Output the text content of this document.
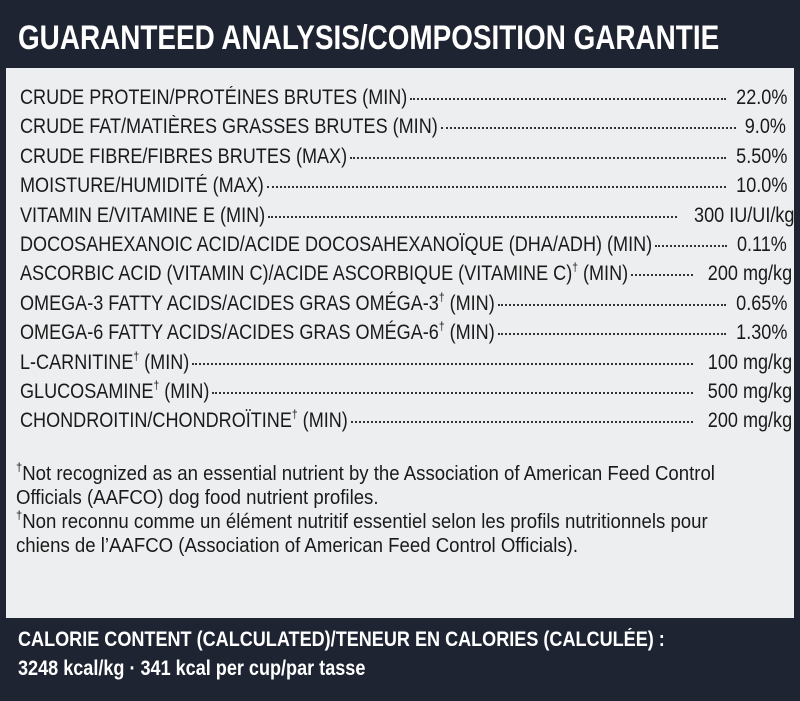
GUARANTEED ANALYSIS/COMPOSITION GARANTIE
CRUDE PROTEIN/PROTÉINES BRUTES (MIN)	22.0%
CRUDE FAT/MATIÈRES GRASSES BRUTES (MIN)	9.0%
CRUDE FIBRE/FIBRES BRUTES (MAX)	5.50%
MOISTURE/HUMIDITÉ (MAX)	10.0%
VITAMIN E/VITAMINE E (MIN)	300 IU/UI/kg
DOCOSAHEXANOIC ACID/ACIDE DOCOSAHEXANOÏQUE (DHA/ADH) (MIN)	0.11%
ASCORBIC ACID (VITAMIN C)/ACIDE ASCORBIQUE (VITAMINE C)† (MIN)	200 mg/kg
OMEGA-3 FATTY ACIDS/ACIDES GRAS OMÉGA-3† (MIN)	0.65%
OMEGA-6 FATTY ACIDS/ACIDES GRAS OMÉGA-6† (MIN)	1.30%
L-CARNITINE† (MIN)	100 mg/kg
GLUCOSAMINE† (MIN)	500 mg/kg
CHONDROITIN/CHONDROÏTINE† (MIN)	200 mg/kg
†Not recognized as an essential nutrient by the Association of American Feed Control Officials (AAFCO) dog food nutrient profiles.
†Non reconnu comme un élément nutritif essentiel selon les profils nutritionnels pour chiens de l’AAFCO (Association of American Feed Control Officials).
CALORIE CONTENT (CALCULATED)/TENEUR EN CALORIES (CALCULÉE) :
3248 kcal/kg · 341 kcal per cup/par tasse
